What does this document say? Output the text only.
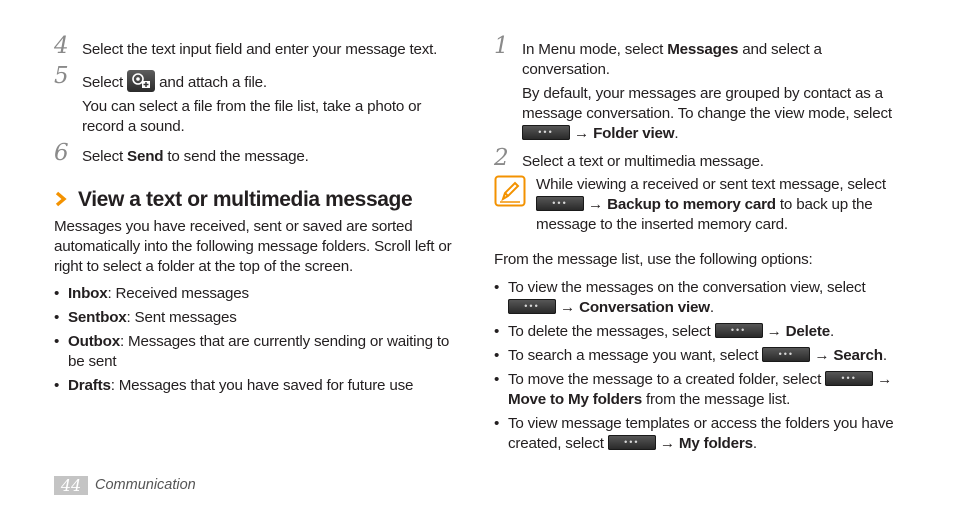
4 Select the text input field and enter your message text.

5 Select and attach a file.

You can select a file from the file list, take a photo or record a sound.

6 Select Send to send the message.

View a text or multimedia message

Messages you have received, sent or saved are sorted automatically into the following message folders. Scroll left or right to select a folder at the top of the screen.

• Inbox: Received messages
• Sentbox: Sent messages
• Outbox: Messages that are currently sending or waiting to be sent
• Drafts: Messages that you have saved for future use
1 In Menu mode, select Messages and select a conversation.

By default, your messages are grouped by contact as a message conversation. To change the view mode, select
•••	→ Folder view.

2 Select a text or multimedia message.

While viewing a received or sent text message, select
•••	→ Backup to memory card to back up the message to the inserted memory card.

From the message list, use the following options:

• To view the messages on the conversation view, select
•••	→ Conversation view.
• To delete the messages, select	•••	→ Delete.
• To search a message you want, select	•••	→ Search.
• To move the message to a created folder, select	•••	→ Move to My folders from the message list.
• To view message templates or access the folders you have created, select	•••	→ My folders.
44 Communication
